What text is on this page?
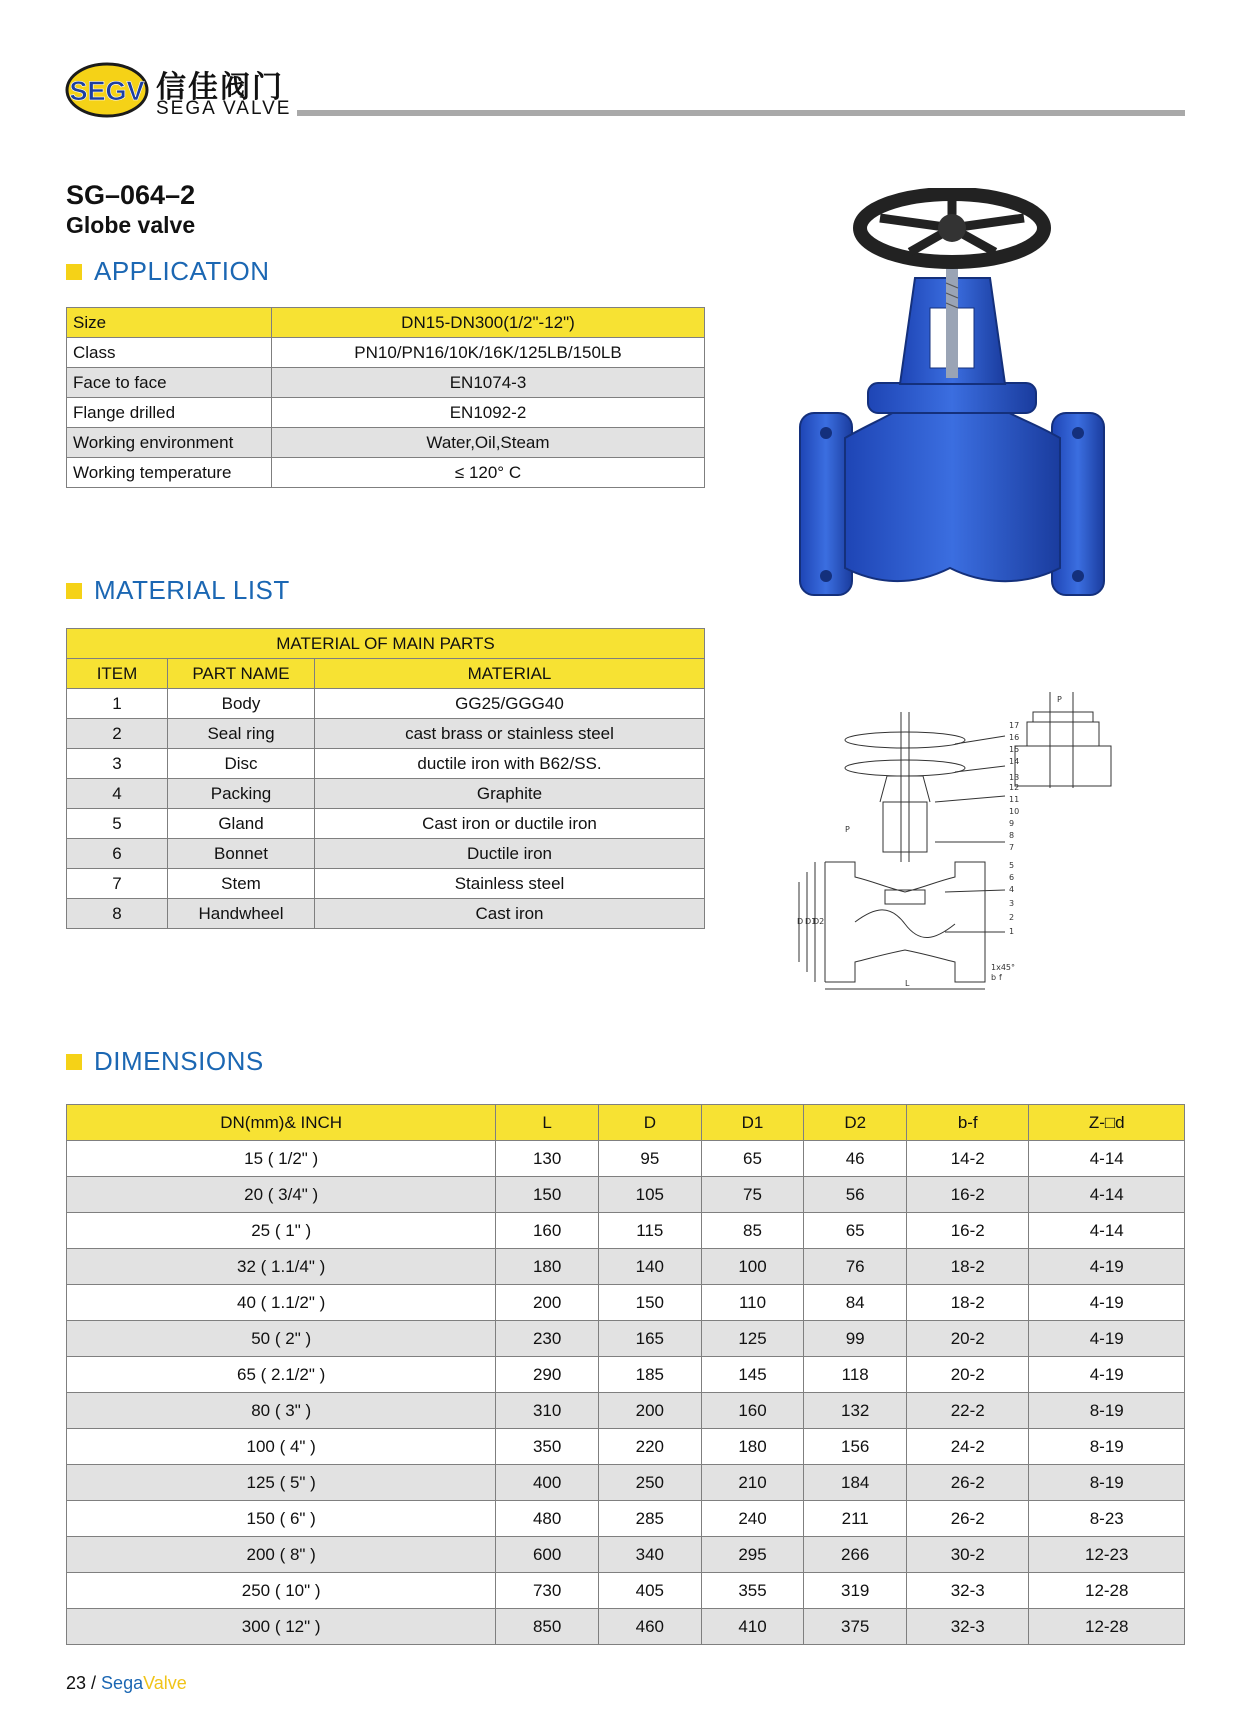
SEGV 信佳阀门
SEGA VALVE
SG–064–2
Globe valve
APPLICATION
Size	DN15-DN300(1/2"-12")
Class	PN10/PN16/10K/16K/125LB/150LB
Face to face	EN1074-3
Flange drilled	EN1092-2
Working environment	Water,Oil,Steam
Working temperature	≤ 120° C
MATERIAL LIST
MATERIAL OF MAIN PARTS		
ITEM	PART NAME	MATERIAL
1	Body	GG25/GGG40
2	Seal ring	cast brass or stainless steel
3	Disc	ductile iron with B62/SS.
4	Packing	Graphite
5	Gland	Cast iron or ductile iron
6	Bonnet	Ductile iron
7	Stem	Stainless steel
8	Handwheel	Cast iron
17
16
15
14
13
12
11
10
9
8
7
5
6
4
3
2
1
P
P
L
D D1
D2
1x45°
b f
DIMENSIONS
DN(mm)& INCH	L	D	D1	D2	b-f	Z-□d
15 ( 1/2" )	130	95	65	46	14-2	4-14
20 ( 3/4" )	150	105	75	56	16-2	4-14
25 ( 1" )	160	115	85	65	16-2	4-14
32 ( 1.1/4" )	180	140	100	76	18-2	4-19
40 ( 1.1/2" )	200	150	110	84	18-2	4-19
50 ( 2" )	230	165	125	99	20-2	4-19
65 ( 2.1/2" )	290	185	145	118	20-2	4-19
80 ( 3" )	310	200	160	132	22-2	8-19
100 ( 4" )	350	220	180	156	24-2	8-19
125 ( 5" )	400	250	210	184	26-2	8-19
150 ( 6" )	480	285	240	211	26-2	8-23
200 ( 8" )	600	340	295	266	30-2	12-23
250 ( 10" )	730	405	355	319	32-3	12-28
300 ( 12" )	850	460	410	375	32-3	12-28
23 / SegaValve
